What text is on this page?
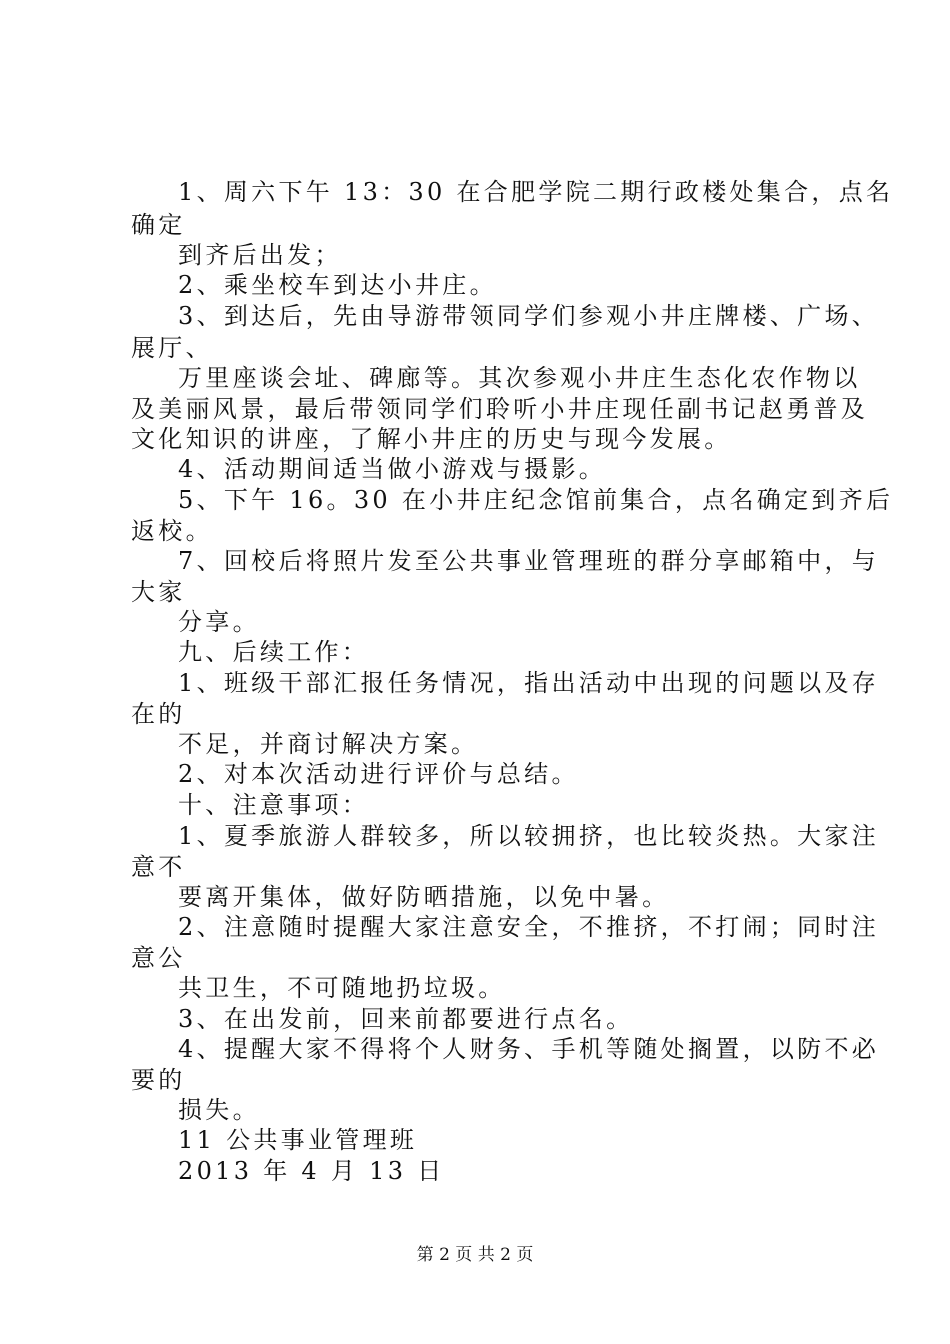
1、周六下午 13：30 在合肥学院二期行政楼处集合，点名
确定
到齐后出发；
2、乘坐校车到达小井庄。
3、到达后，先由导游带领同学们参观小井庄牌楼、广场、
展厅、
万里座谈会址、碑廊等。其次参观小井庄生态化农作物以
及美丽风景，最后带领同学们聆听小井庄现任副书记赵勇普及
文化知识的讲座，了解小井庄的历史与现今发展。
4、活动期间适当做小游戏与摄影。
5、下午 16。30 在小井庄纪念馆前集合，点名确定到齐后
返校。
7、回校后将照片发至公共事业管理班的群分享邮箱中，与
大家
分享。
九、后续工作：
1、班级干部汇报任务情况，指出活动中出现的问题以及存
在的
不足，并商讨解决方案。
2、对本次活动进行评价与总结。
十、注意事项：
1、夏季旅游人群较多，所以较拥挤，也比较炎热。大家注
意不
要离开集体，做好防晒措施，以免中暑。
2、注意随时提醒大家注意安全，不推挤，不打闹；同时注
意公
共卫生，不可随地扔垃圾。
3、在出发前，回来前都要进行点名。
4、提醒大家不得将个人财务、手机等随处搁置，以防不必
要的
损失。
11 公共事业管理班
2013 年 4 月 13 日
第 2 页 共 2 页
